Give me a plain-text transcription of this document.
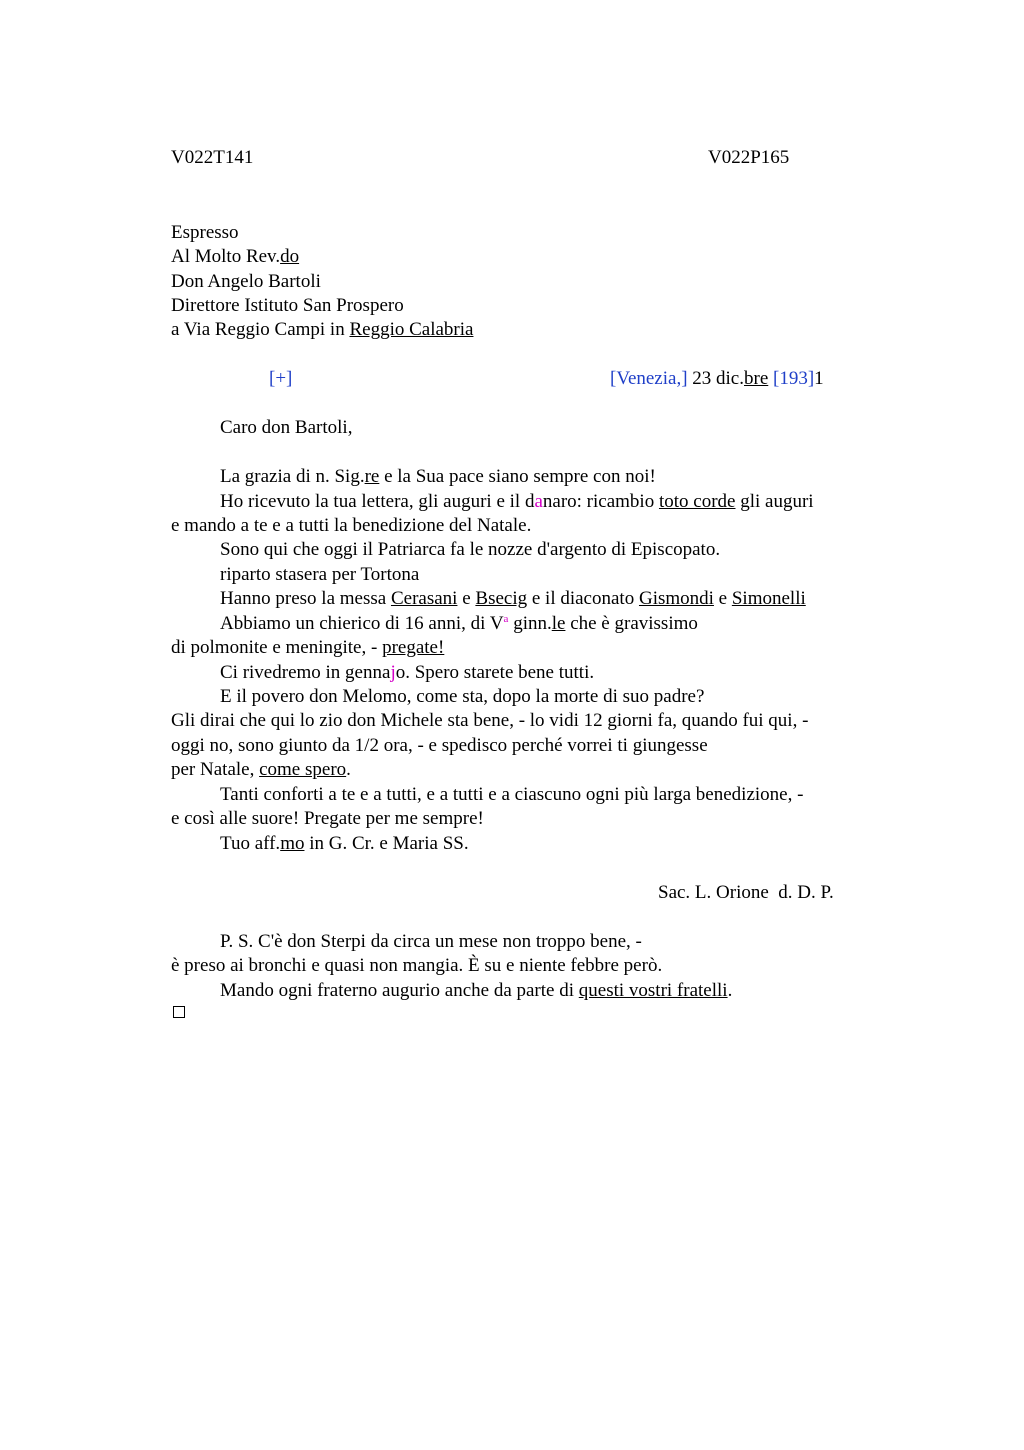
V022T141	V022P165
Espresso
Al Molto Rev.do
Don Angelo Bartoli
Direttore Istituto San Prospero
a Via Reggio Campi in Reggio Calabria
[+]	[Venezia,] 23 dic.bre [193]1
Caro don Bartoli,
La grazia di n. Sig.re e la Sua pace siano sempre con noi!
Ho ricevuto la tua lettera, gli auguri e il danaro: ricambio toto corde gli auguri
e mando a te e a tutti la benedizione del Natale.
Sono qui che oggi il Patriarca fa le nozze d'argento di Episcopato.
riparto stasera per Tortona
Hanno preso la messa Cerasani e Bsecig e il diaconato Gismondi e Simonelli
Abbiamo un chierico di 16 anni, di $V^a$ ginn.le che è gravissimo
di polmonite e meningite, - pregate!
Ci rivedremo in gennajo. Spero starete bene tutti.
E il povero don Melomo, come sta, dopo la morte di suo padre?
Gli dirai che qui lo zio don Michele sta bene, - lo vidi 12 giorni fa, quando fui qui, -
oggi no, sono giunto da 1/2 ora, - e spedisco perché vorrei ti giungesse
per Natale, come spero.
Tanti conforti a te e a tutti, e a tutti e a ciascuno ogni più larga benedizione, -
e così alle suore! Pregate per me sempre!
Tuo aff.mo in G. Cr. e Maria SS.
Sac. L. Orione  d. D. P.
P. S. C'è don Sterpi da circa un mese non troppo bene, -
è preso ai bronchi e quasi non mangia. È su e niente febbre però.
Mando ogni fraterno augurio anche da parte di questi vostri fratelli.
